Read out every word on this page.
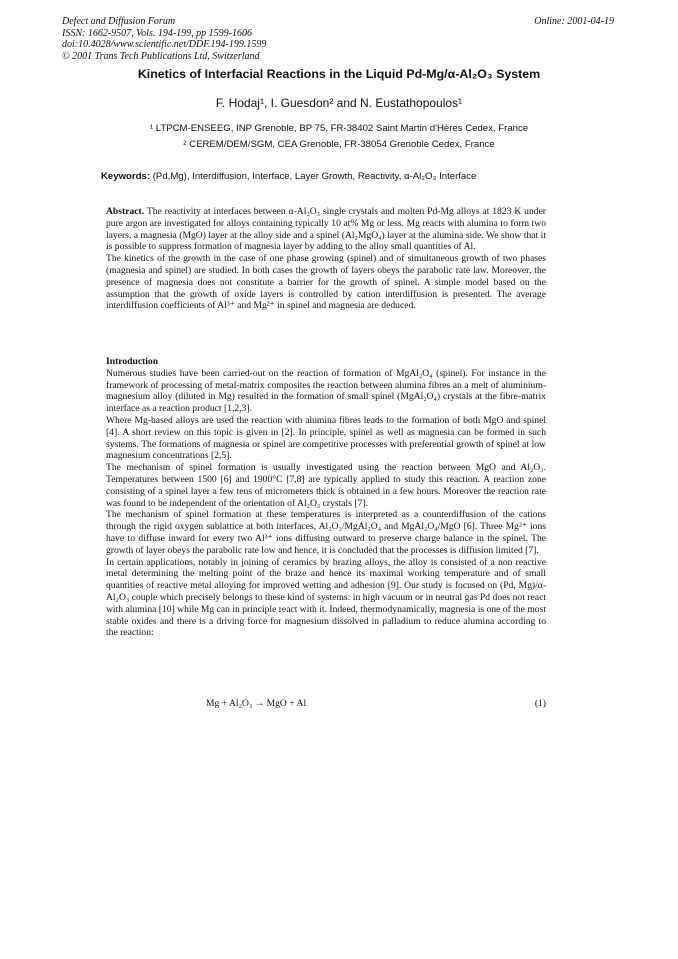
Defect and Diffusion Forum
ISSN: 1662-9507, Vols. 194-199, pp 1599-1606
doi:10.4028/www.scientific.net/DDF.194-199.1599
© 2001 Trans Tech Publications Ltd, Switzerland
Online: 2001-04-19
Kinetics of Interfacial Reactions in the Liquid Pd-Mg/α-Al₂O₃ System
F. Hodaj¹, I. Guesdon² and N. Eustathopoulos¹
¹ LTPCM-ENSEEG, INP Grenoble, BP 75, FR-38402 Saint Martin d'Hères Cedex, France
² CEREM/DEM/SGM, CEA Grenoble, FR-38054 Grenoble Cedex, France
Keywords: (Pd,Mg), Interdiffusion, Interface, Layer Growth, Reactivity, α-Al₂O₃ Interface

Abstract. The reactivity at interfaces between α-Al₂O₃ single crystals and molten Pd-Mg alloys at 1823 K under pure argon are investigated for alloys containing typically 10 at% Mg or less. Mg reacts with alumina to form two layers, a magnesia (MgO) layer at the alloy side and a spinel (Al₂MgO₄) layer at the alumina side. We show that it is possible to suppress formation of magnesia layer by adding to the alloy small quantities of Al.

The kinetics of the growth in the case of one phase growing (spinel) and of simultaneous growth of two phases (magnesia and spinel) are studied. In both cases the growth of layers obeys the parabolic rate law. Moreover, the presence of magnesia does not constitute a barrier for the growth of spinel. A simple model based on the assumption that the growth of oxide layers is controlled by cation interdiffusion is presented. The average interdiffusion coefficients of Al³⁺ and Mg²⁺ in spinel and magnesia are deduced.

Introduction

Numerous studies have been carried-out on the reaction of formation of MgAl₂O₄ (spinel). For instance in the framework of processing of metal-matrix composites the reaction between alumina fibres an a melt of aluminium-magnesium alloy (diluted in Mg) resulted in the formation of small spinel (MgAl₂O₄) crystals at the fibre-matrix interface as a reaction product [1,2,3].

Where Mg-based alloys are used the reaction with alumina fibres leads to the formation of both MgO and spinel [4]. A short review on this topic is given in [2]. In principle, spinel as well as magnesia can be formed in such systems. The formations of magnesia or spinel are competitive processes with preferential growth of spinel at low magnesium concentrations [2,5].

The mechanism of spinel formation is usually investigated using the reaction between MgO and Al₂O₃. Temperatures between 1500 [6] and 1900°C [7,8] are typically applied to study this reaction. A reaction zone consisting of a spinel layer a few tens of micrometers thick is obtained in a few hours. Moreover the reaction rate was found to be independent of the orientation of Al₂O₃ crystals [7].

The mechanism of spinel formation at these temperatures is interpreted as a counterdiffusion of the cations through the rigid oxygen sublattice at both interfaces, Al₂O₃/MgAl₂O₄ and MgAl₂O₄/MgO [6]. Three Mg²⁺ ions have to diffuse inward for every two Al³⁺ ions diffusing outward to preserve charge balance in the spinel. The growth of layer obeys the parabolic rate low and hence, it is concluded that the processes is diffusion limited [7].

In certain applications, notably in joining of ceramics by brazing alloys, the alloy is consisted of a non reactive metal determining the melting point of the braze and hence its maximal working temperature and of small quantities of reactive metal alloying for improved wetting and adhesion [9]. Our study is focused on (Pd, Mg)/α-Al₂O₃ couple which precisely belongs to these kind of systems: in high vacuum or in neutral gas Pd does not react with alumina [10] while Mg can in principle react with it. Indeed, thermodynamically, magnesia is one of the most stable oxides and there is a driving force for magnesium dissolved in palladium to reduce alumina according to the reaction:

Mg + Al₂O₃ → MgO + Al	(1)
